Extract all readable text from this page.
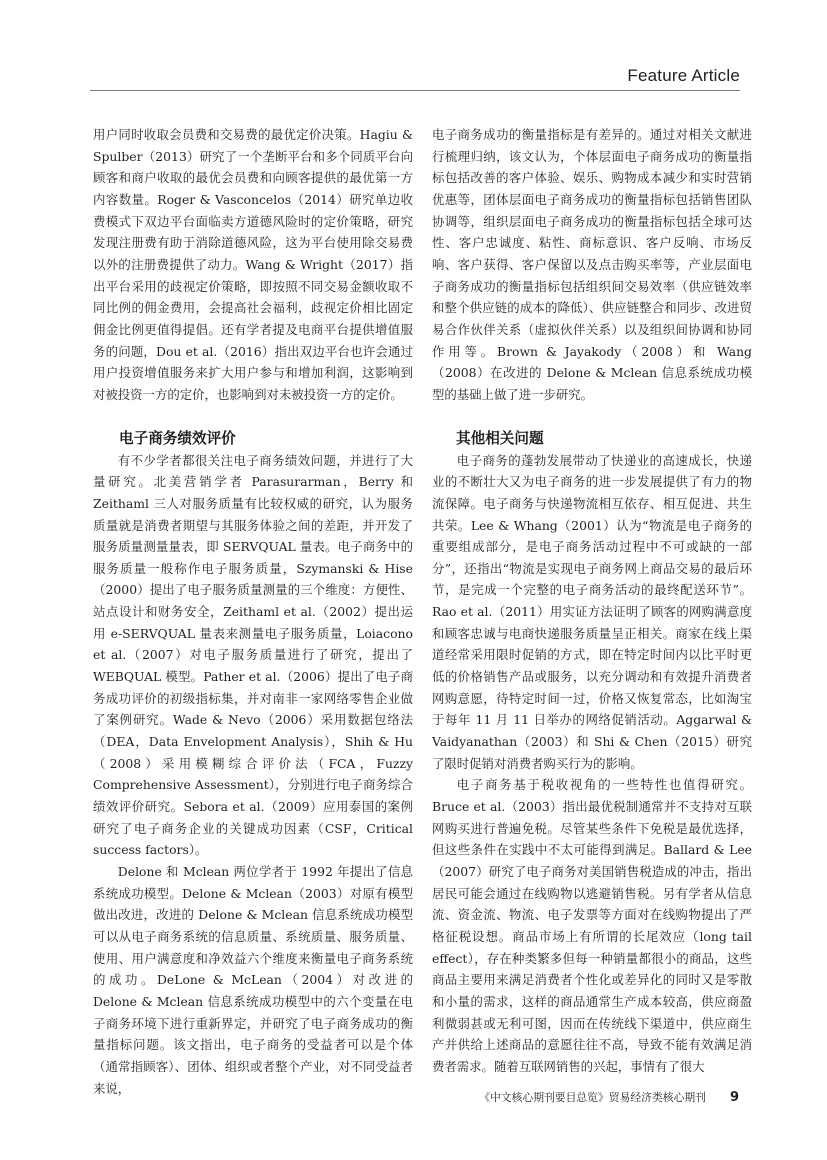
Feature Article

用户同时收取会员费和交易费的最优定价决策。Hagiu & Spulber（2013）研究了一个垄断平台和多个同质平台向顾客和商户收取的最优会员费和向顾客提供的最优第一方内容数量。Roger & Vasconcelos（2014）研究单边收费模式下双边平台面临卖方道德风险时的定价策略，研究发现注册费有助于消除道德风险，这为平台使用除交易费以外的注册费提供了动力。Wang & Wright（2017）指出平台采用的歧视定价策略，即按照不同交易金额收取不同比例的佣金费用，会提高社会福利，歧视定价相比固定佣金比例更值得提倡。还有学者提及电商平台提供增值服务的问题，Dou et al.（2016）指出双边平台也许会通过用户投资增值服务来扩大用户参与和增加利润，这影响到对被投资一方的定价，也影响到对未被投资一方的定价。

电子商务绩效评价

有不少学者都很关注电子商务绩效问题，并进行了大量研究。北美营销学者 Parasurarman，Berry 和 Zeithaml 三人对服务质量有比较权威的研究，认为服务质量就是消费者期望与其服务体验之间的差距，并开发了服务质量测量量表，即 SERVQUAL 量表。电子商务中的服务质量一般称作电子服务质量，Szymanski & Hise（2000）提出了电子服务质量测量的三个维度：方便性、站点设计和财务安全，Zeithaml et al.（2002）提出运用 e-SERVQUAL 量表来测量电子服务质量，Loiacono et al.（2007）对电子服务质量进行了研究，提出了 WEBQUAL 模型。Pather et al.（2006）提出了电子商务成功评价的初级指标集，并对南非一家网络零售企业做了案例研究。Wade & Nevo（2006）采用数据包络法（DEA，Data Envelopment Analysis），Shih & Hu（2008）采用模糊综合评价法（FCA，Fuzzy Comprehensive Assessment），分别进行电子商务综合绩效评价研究。Sebora et al.（2009）应用泰国的案例研究了电子商务企业的关键成功因素（CSF，Critical success factors）。

Delone 和 Mclean 两位学者于 1992 年提出了信息系统成功模型。Delone & Mclean（2003）对原有模型做出改进，改进的 Delone & Mclean 信息系统成功模型可以从电子商务系统的信息质量、系统质量、服务质量、使用、用户满意度和净效益六个维度来衡量电子商务系统的成功。DeLone & McLean（2004）对改进的 Delone & Mclean 信息系统成功模型中的六个变量在电子商务环境下进行重新界定，并研究了电子商务成功的衡量指标问题。该文指出，电子商务的受益者可以是个体（通常指顾客）、团体、组织或者整个产业，对不同受益者来说，

电子商务成功的衡量指标是有差异的。通过对相关文献进行梳理归纳，该文认为，个体层面电子商务成功的衡量指标包括改善的客户体验、娱乐、购物成本减少和实时营销优惠等，团体层面电子商务成功的衡量指标包括销售团队协调等，组织层面电子商务成功的衡量指标包括全球可达性、客户忠诚度、粘性、商标意识、客户反响、市场反响、客户获得、客户保留以及点击购买率等，产业层面电子商务成功的衡量指标包括组织间交易效率（供应链效率和整个供应链的成本的降低）、供应链整合和同步、改进贸易合作伙伴关系（虚拟伙伴关系）以及组织间协调和协同作用等。Brown & Jayakody（2008）和 Wang（2008）在改进的 Delone & Mclean 信息系统成功模型的基础上做了进一步研究。

其他相关问题

电子商务的蓬勃发展带动了快递业的高速成长，快递业的不断壮大又为电子商务的进一步发展提供了有力的物流保障。电子商务与快递物流相互依存、相互促进、共生共荣。Lee & Whang（2001）认为“物流是电子商务的重要组成部分，是电子商务活动过程中不可或缺的一部分”，还指出“物流是实现电子商务网上商品交易的最后环节，是完成一个完整的电子商务活动的最终配送环节”。Rao et al.（2011）用实证方法证明了顾客的网购满意度和顾客忠诚与电商快递服务质量呈正相关。商家在线上渠道经常采用限时促销的方式，即在特定时间内以比平时更低的价格销售产品或服务，以充分调动和有效提升消费者网购意愿，待特定时间一过，价格又恢复常态，比如淘宝于每年 11 月 11 日举办的网络促销活动。Aggarwal & Vaidyanathan（2003）和 Shi & Chen（2015）研究了限时促销对消费者购买行为的影响。

电子商务基于税收视角的一些特性也值得研究。Bruce et al.（2003）指出最优税制通常并不支持对互联网购买进行普遍免税。尽管某些条件下免税是最优选择，但这些条件在实践中不太可能得到满足。Ballard & Lee（2007）研究了电子商务对美国销售税造成的冲击，指出居民可能会通过在线购物以逃避销售税。另有学者从信息流、资金流、物流、电子发票等方面对在线购物提出了严格征税设想。商品市场上有所谓的长尾效应（long tail effect），存在种类繁多但每一种销量都很小的商品，这些商品主要用来满足消费者个性化或差异化的同时又是零散和小量的需求，这样的商品通常生产成本较高，供应商盈利微弱甚或无利可图，因而在传统线下渠道中，供应商生产并供给上述商品的意愿往往不高，导致不能有效满足消费者需求。随着互联网销售的兴起，事情有了很大

《中文核心期刊要目总览》贸易经济类核心期刊 9
